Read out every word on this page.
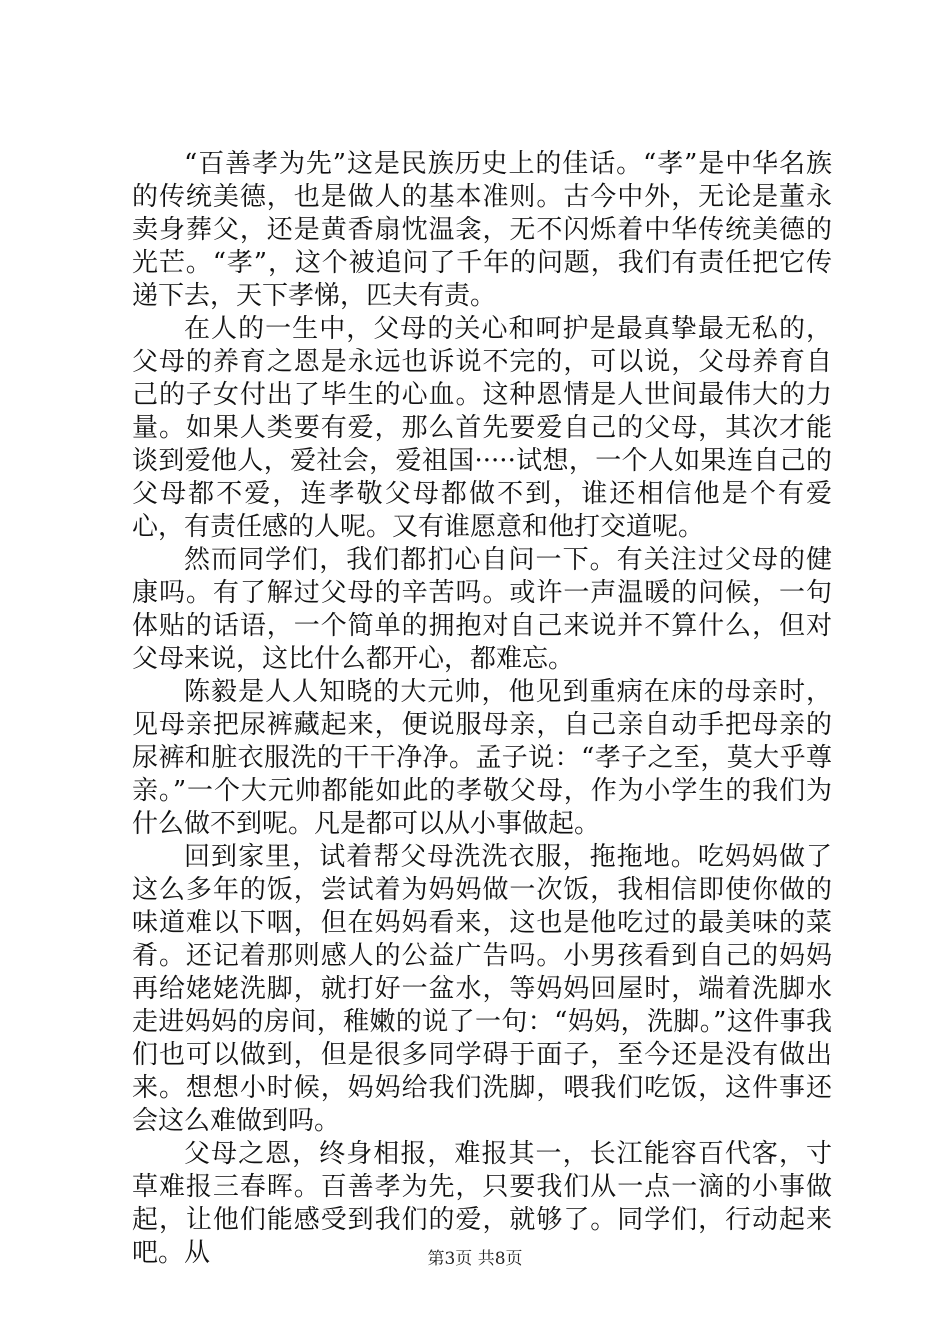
“百善孝为先”这是民族历史上的佳话。“孝”是中华名族的传统美德，也是做人的基本准则。古今中外，无论是董永卖身葬父，还是黄香扇忱温衾，无不闪烁着中华传统美德的光芒。“孝”，这个被追问了千年的问题，我们有责任把它传递下去，天下孝悌，匹夫有责。

在人的一生中，父母的关心和呵护是最真挚最无私的，父母的养育之恩是永远也诉说不完的，可以说，父母养育自己的子女付出了毕生的心血。这种恩情是人世间最伟大的力量。如果人类要有爱，那么首先要爱自己的父母，其次才能谈到爱他人，爱社会，爱祖国·····试想，一个人如果连自己的父母都不爱，连孝敬父母都做不到，谁还相信他是个有爱心，有责任感的人呢。又有谁愿意和他打交道呢。

然而同学们，我们都扪心自问一下。有关注过父母的健康吗。有了解过父母的辛苦吗。或许一声温暖的问候，一句体贴的话语，一个简单的拥抱对自己来说并不算什么，但对父母来说，这比什么都开心，都难忘。

陈毅是人人知晓的大元帅，他见到重病在床的母亲时，见母亲把尿裤藏起来，便说服母亲，自己亲自动手把母亲的尿裤和脏衣服洗的干干净净。孟子说：“孝子之至，莫大乎尊亲。”一个大元帅都能如此的孝敬父母，作为小学生的我们为什么做不到呢。凡是都可以从小事做起。

回到家里，试着帮父母洗洗衣服，拖拖地。吃妈妈做了这么多年的饭，尝试着为妈妈做一次饭，我相信即使你做的味道难以下咽，但在妈妈看来，这也是他吃过的最美味的菜肴。还记着那则感人的公益广告吗。小男孩看到自己的妈妈再给姥姥洗脚，就打好一盆水，等妈妈回屋时，端着洗脚水走进妈妈的房间，稚嫩的说了一句：“妈妈，洗脚。”这件事我们也可以做到，但是很多同学碍于面子，至今还是没有做出来。想想小时候，妈妈给我们洗脚，喂我们吃饭，这件事还会这么难做到吗。

父母之恩，终身相报，难报其一，长江能容百代客，寸草难报三春晖。百善孝为先，只要我们从一点一滴的小事做起，让他们能感受到我们的爱，就够了。同学们，行动起来吧。从	第3页 共8页
